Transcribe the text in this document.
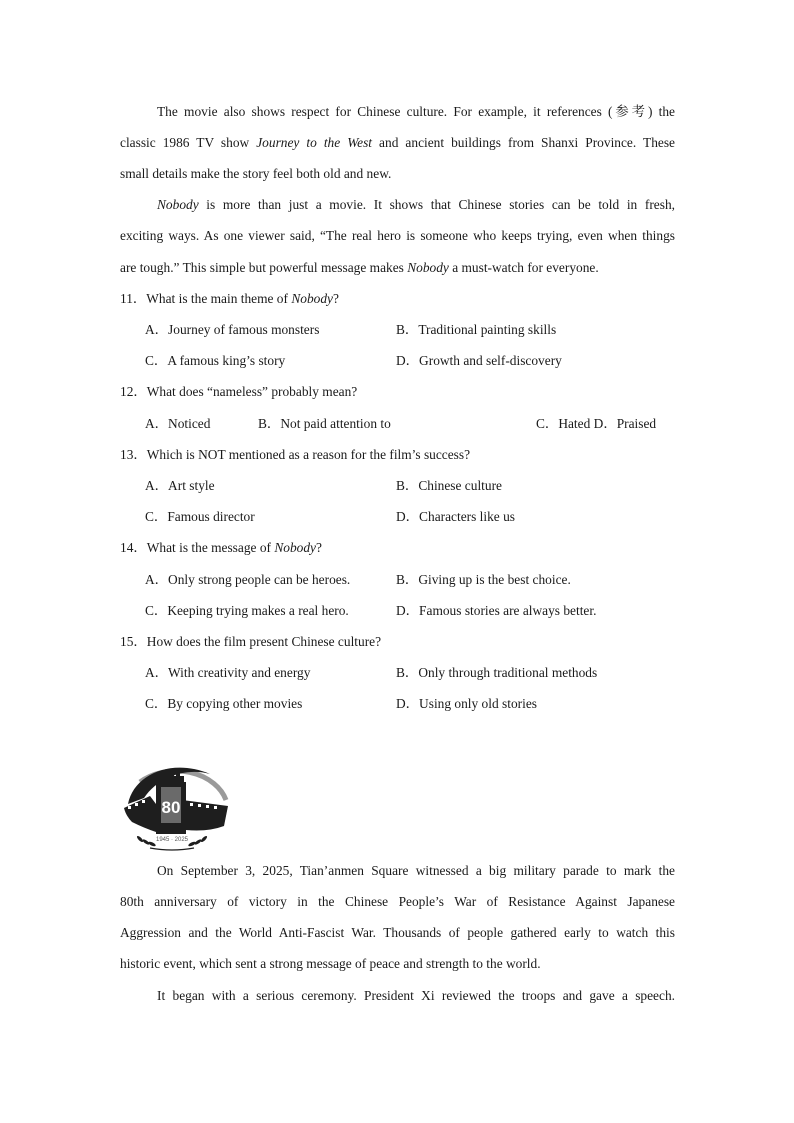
The movie also shows respect for Chinese culture. For example, it references (参考) the
classic 1986 TV show Journey to the West and ancient buildings from Shanxi Province. These
small details make the story feel both old and new.
Nobody is more than just a movie. It shows that Chinese stories can be told in fresh,
exciting ways. As one viewer said, “The real hero is someone who keeps trying, even when things
are tough.” This simple but powerful message makes Nobody a must-watch for everyone.
11．What is the main theme of Nobody?
A．Journey of famous monsters	B．Traditional painting skills
C．A famous king’s story	D．Growth and self-discovery
12．What does “nameless” probably mean?
A．Noticed	B．Not paid attention to	C．Hated D．Praised
13．Which is NOT mentioned as a reason for the film’s success?
A．Art style	B．Chinese culture
C．Famous director	D．Characters like us
14．What is the message of Nobody?
A．Only strong people can be heroes.	B．Giving up is the best choice.
C．Keeping trying makes a real hero.	D．Famous stories are always better.
15．How does the film present Chinese culture?
A．With creativity and energy	B．Only through traditional methods
C．By copying other movies	D．Using only old stories
80
1945 · 2025
On September 3, 2025, Tian’anmen Square witnessed a big military parade to mark the
80th anniversary of victory in the Chinese People’s War of Resistance Against Japanese
Aggression and the World Anti-Fascist War. Thousands of people gathered early to watch this
historic event, which sent a strong message of peace and strength to the world.
It began with a serious ceremony. President Xi reviewed the troops and gave a speech.
